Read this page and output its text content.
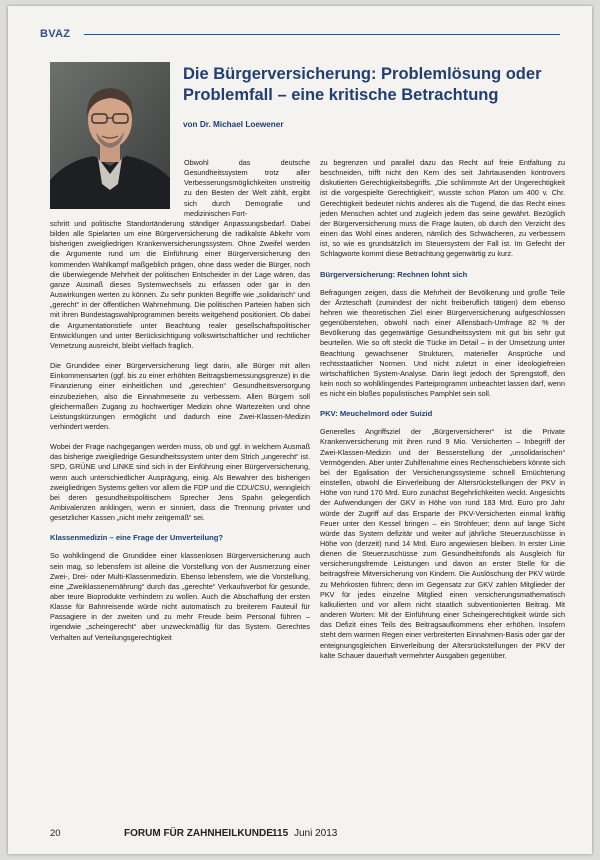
BVAZ
Die Bürgerversicherung: Problemlösung oder Problemfall – eine kritische Betrachtung
von Dr. Michael Loewener

Obwohl das deutsche Gesundheitssystem trotz aller Verbesserungsmöglichkeiten unstreitig zu den Besten der Welt zählt, ergibt sich durch Demografie und medizinischen Fort-

schritt und politische Standortänderung ständiger Anpassungsbedarf. Dabei bilden alle Spielarten um eine Bürgerversicherung die radikalste Abkehr vom bisherigen zweigliedrigen Krankenversicherungssystem. Ohne Zweifel werden die Argumente rund um die Einführung einer Bürgerversicherung den kommenden Wahlkampf maßgeblich prägen, ohne dass weder die Bürger, noch die überwiegende Mehrheit der politischen Entscheider in der Lage wären, das ganze Ausmaß dieses Systemwechsels zu erfassen oder gar in den Auswirkungen werten zu können. Zu sehr punkten Begriffe wie „solidarisch“ und „gerecht“ in der öffentlichen Wahrnehmung. Die politischen Parteien haben sich mit ihren Bundestagswahlprogrammen bereits weitgehend positioniert. Ob dabei die Argumentationstiefe unter Beachtung realer gesellschaftspolitischer Entwicklungen und unter Berücksichtigung volkswirtschaftlicher und rechtlicher Vernetzung ausreicht, bleibt vielfach fraglich.

Die Grundidee einer Bürgerversicherung liegt darin, alle Bürger mit allen Einkommensarten (ggf. bis zu einer erhöhten Beitragsbemessungsgrenze) in die Finanzierung einer einheitlichen und „gerechten“ Gesundheitsversorgung einzubeziehen, also die Einnahmeseite zu verbessern. Allen Bürgern soll gleichermaßen Zugang zu hochwertiger Medizin ohne Wartezeiten und ohne Leistungskürzungen ermöglicht und dadurch eine Zwei-Klassen-Medizin verhindert werden.

Wobei der Frage nachgegangen werden muss, ob und ggf. in welchem Ausmaß das bisherige zweigliedrige Gesundheitssystem unter dem Strich „ungerecht“ ist. SPD, GRÜNE und LINKE sind sich in der Einführung einer Bürgerversicherung, wenn auch unterschiedlicher Ausprägung, einig. Als Bewahrer des bisherigen zweigliedrigen Systems gelten vor allem die FDP und die CDU/CSU, wenngleich bei deren gesundheitspolitischem Sprecher Jens Spahn gelegentlich Ambivalenzen anklingen, wenn er sinniert, dass die Trennung privater und gesetzlicher Kassen „nicht mehr zeitgemäß“ sei.

Klassenmedizin – eine Frage der Umverteilung?

So wohlklingend die Grundidee einer klassenlosen Bürgerversicherung auch sein mag, so lebensfern ist alleine die Vorstellung von der Ausmerzung einer Zwei-, Drei- oder Multi-Klassenmedizin. Ebenso lebensfern, wie die Vorstellung, eine „Zweiklassenernährung“ durch das „gerechte“ Verkaufsverbot für gesunde, aber teure Bioprodukte verhindern zu wollen. Auch die Abschaffung der ersten Klasse für Bahnreisende würde nicht automatisch zu breiterem Fauteuil für Passagiere in der zweiten und zu mehr Freude beim Personal führen – irgendwie „scheingerecht“ aber unzweckmäßig für das System. Gerechtes Verhalten auf Verteilungsgerechtigkeit

zu begrenzen und parallel dazu das Recht auf freie Entfaltung zu beschneiden, trifft nicht den Kern des seit Jahrtausenden kontrovers diskutierten Gerechtigkeitsbegriffs. „Die schlimmste Art der Ungerechtigkeit ist die vorgespielte Gerechtigkeit“, wusste schon Platon um 400 v. Chr. Gerechtigkeit bedeutet nichts anderes als die Tugend, die das Recht eines jeden Menschen achtet und zugleich jedem das seine gewährt. Bezüglich der Bürgerversicherung muss die Frage lauten, ob durch den Verzicht des einen das Wohl eines anderen, nämlich des Schwächeren, zu verbessern ist, so wie es grundsätzlich im Steuersystem der Fall ist. Im Gefecht der Schlagworte kommt diese Betrachtung gegenwärtig zu kurz.

Bürgerversicherung: Rechnen lohnt sich

Befragungen zeigen, dass die Mehrheit der Bevölkerung und große Teile der Ärzteschaft (zumindest der nicht freiberuflich tätigen) dem ebenso hehren wie theoretischen Ziel einer Bürgerversicherung aufgeschlossen gegenüberstehen, obwohl nach einer Allensbach-Umfrage 82 % der Bevölkerung das gegenwärtige Gesundheitssystem mit gut bis sehr gut beurteilen. Wie so oft steckt die Tücke im Detail – in der Umsetzung unter Beachtung gewachsener Strukturen, materieller Ansprüche und rechtsstaatlicher Normen. Und nicht zuletzt in einer ideologiefreien wirtschaftlichen System-Analyse. Darin liegt jedoch der Sprengstoff, den kein noch so wohlklingendes Parteiprogramm unbeachtet lassen darf, wenn es nicht ein bloßes populistisches Pamphlet sein soll.

PKV: Meuchelmord oder Suizid

Generelles Angriffsziel der „Bürgerversicherer“ ist die Private Krankenversicherung mit ihren rund 9 Mio. Versicherten – Inbegriff der Zwei-Klassen-Medizin und der Besserstellung der „unsolidarischen“ Vermögenden. Aber unter Zuhilfenahme eines Rechenschiebers könnte sich bei der Egalisation der Versicherungssysteme schnell Ernüchterung einstellen, obwohl die Einverleibung der Altersrückstellungen der PKV in Höhe von rund 170 Mrd. Euro zunächst Begehrlichkeiten weckt. Angesichts der Aufwendungen der GKV in Höhe von rund 183 Mrd. Euro pro Jahr würde der Zugriff auf das Ersparte der PKV-Versicherten einmal kräftig Feuer unter den Kessel bringen – ein Strohfeuer; denn auf lange Sicht würde das System defizitär und weiter auf jährliche Steuerzuschüsse in Höhe von (derzeit) rund 14 Mrd. Euro angewiesen bleiben. In erster Linie dienen die Steuerzuschüsse zum Gesundheitsfonds als Ausgleich für versicherungsfremde Leistungen und davon an erster Stelle für die beitragsfreie Mitversicherung von Kindern. Die Auslöschung der PKV würde zu Mehrkosten führen; denn im Gegensatz zur GKV zahlen Mitglieder der PKV für jedes einzelne Mitglied einen versicherungsmathematisch kalkulierten und vor allem nicht staatlich subventionierten Beitrag. Mit anderen Worten: Mit der Einführung einer Scheingerechtigkeit würde sich das Defizit eines Teils des Beitragsaufkommens eher erhöhen. Insofern steht dem warmen Regen einer verbreiterten Einnahmen-Basis oder gar der enteignungsgleichen Einverleibung der Altersrückstellungen der PKV der kalte Schauer dauerhaft vermehrter Ausgaben gegenüber.

20	FORUM FÜR ZAHNHEILKUNDE 115 Juni 2013
